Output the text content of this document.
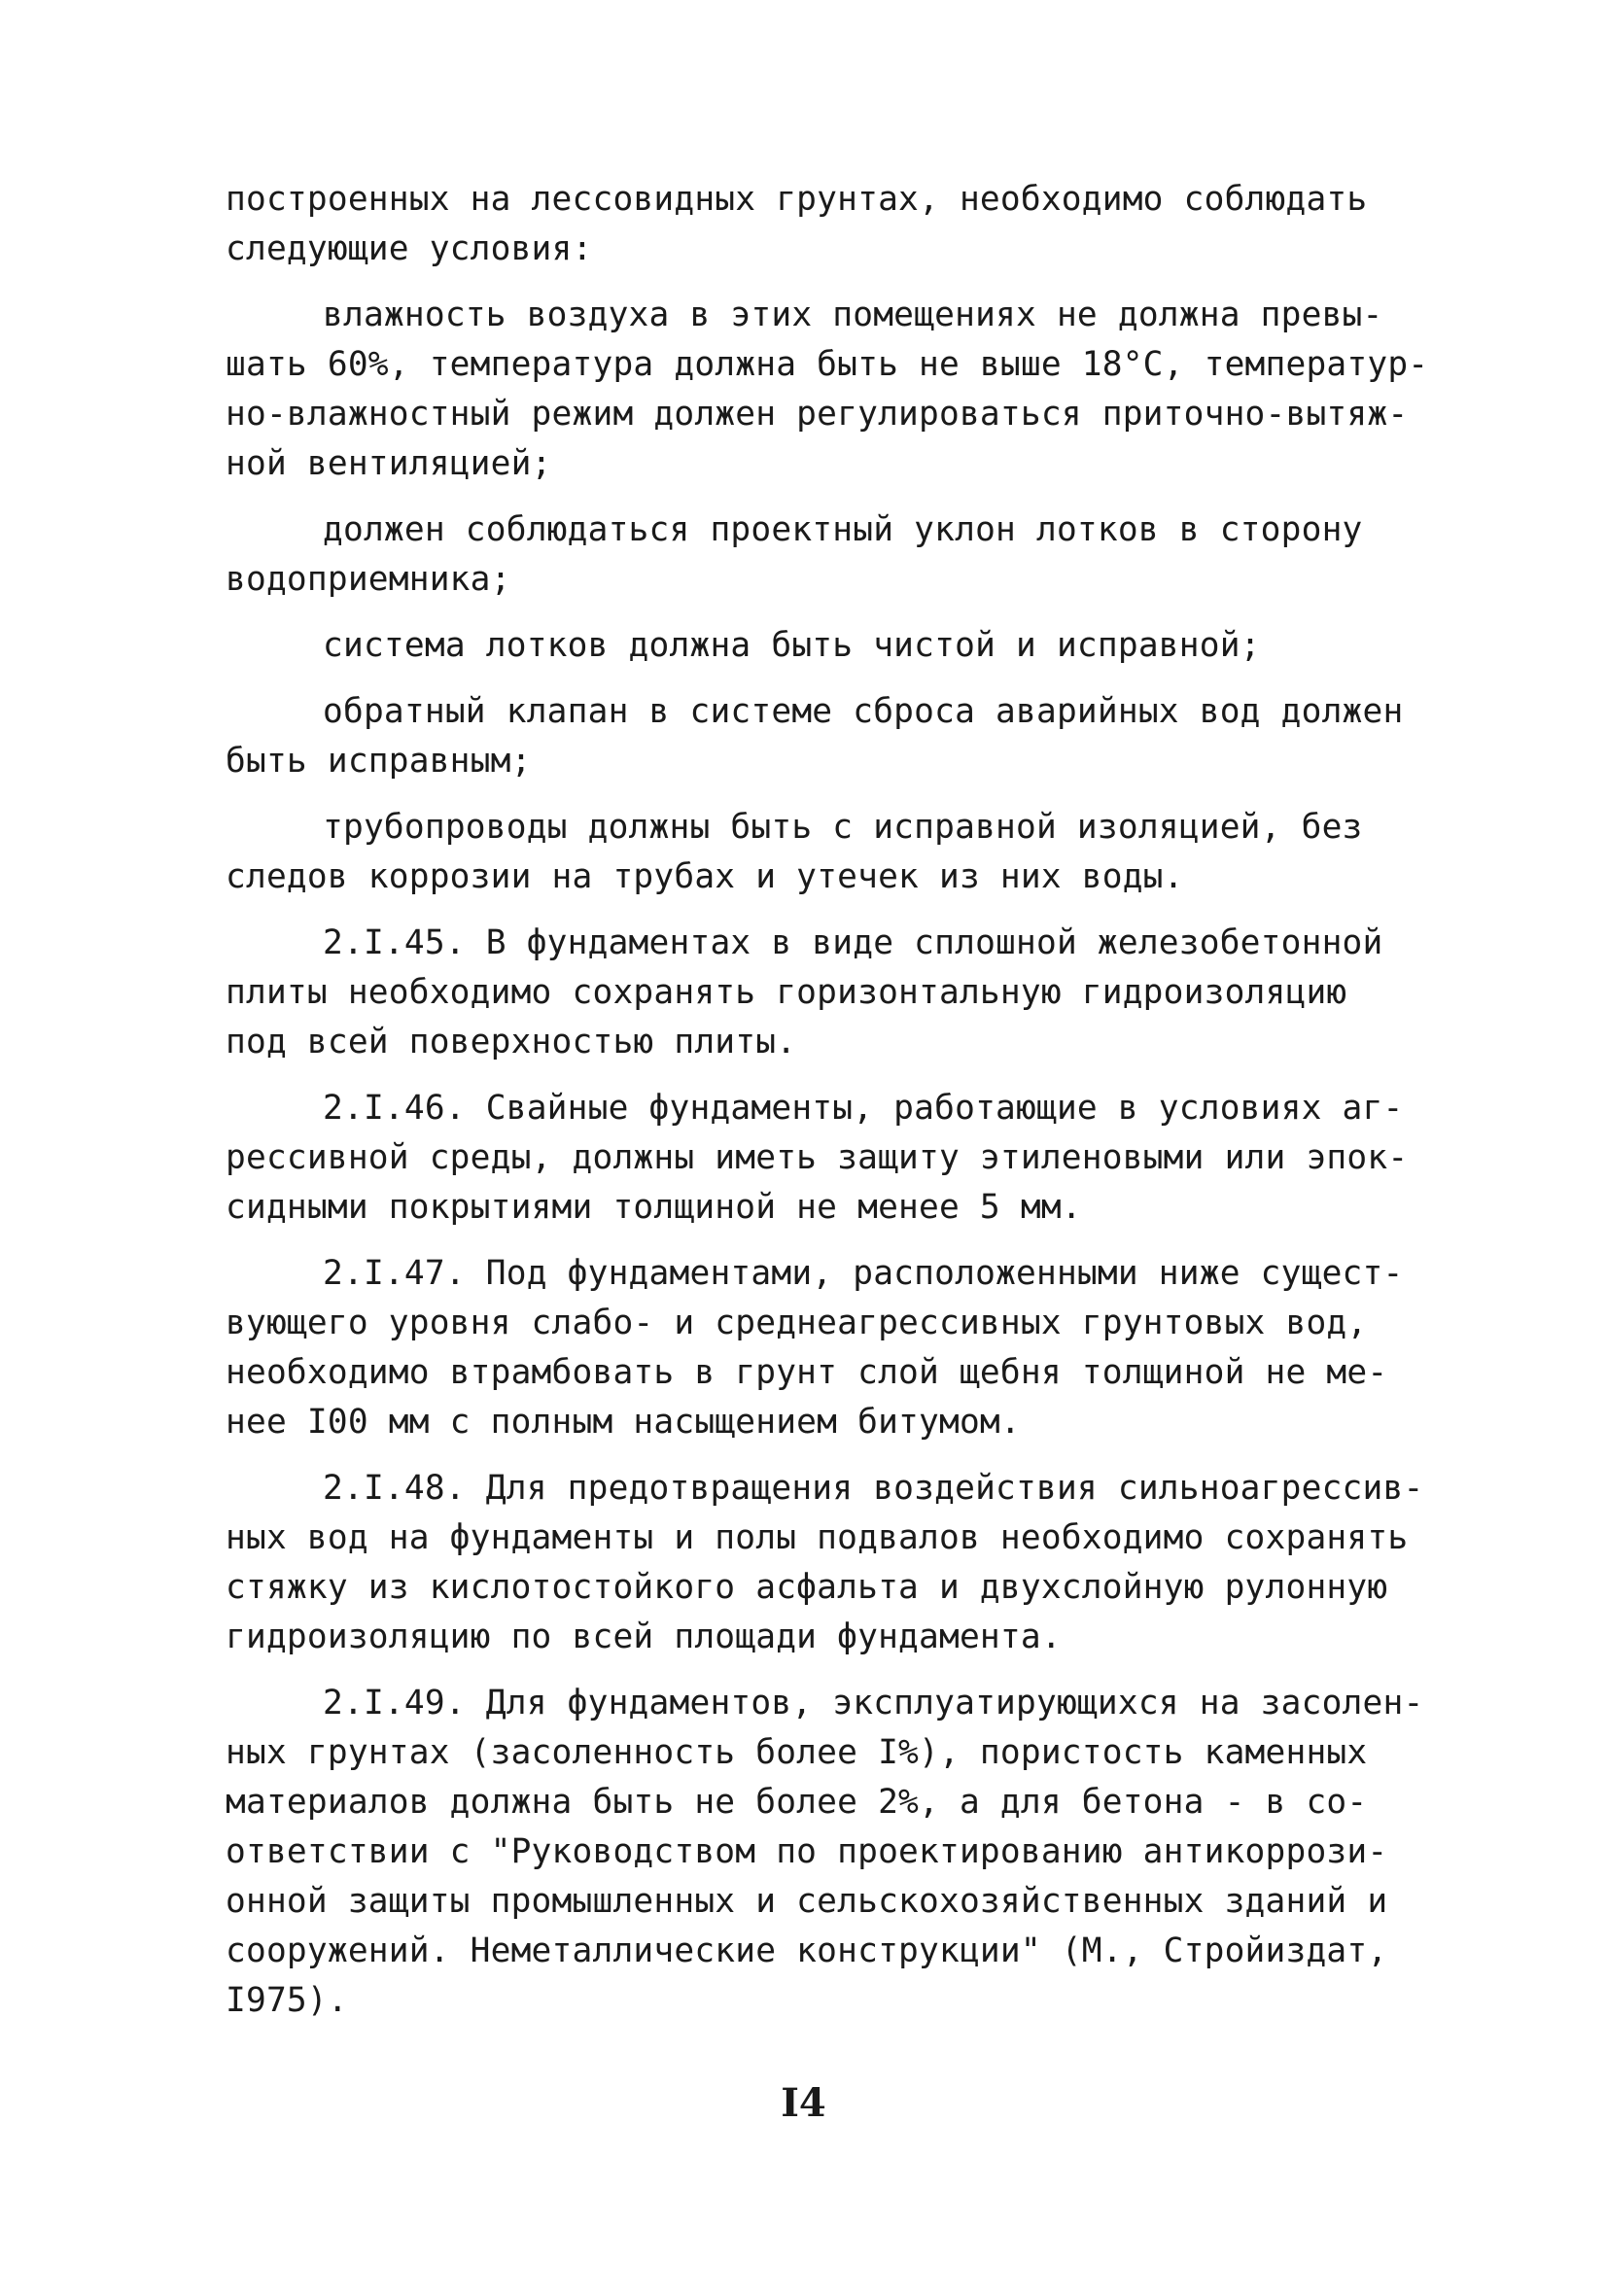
построенных на лессовидных грунтах, необходимо соблюдать
следующие условия:
влажность воздуха в этих помещениях не должна превы-
шать 60%, температура должна быть не выше 18°С, температур-
но-влажностный режим должен регулироваться приточно-вытяж-
ной вентиляцией;
должен соблюдаться проектный уклон лотков в сторону
водоприемника;
система лотков должна быть чистой и исправной;
обратный клапан в системе сброса аварийных вод должен
быть исправным;
трубопроводы должны быть с исправной изоляцией, без
следов коррозии на трубах и утечек из них воды.
2.I.45. В фундаментах в виде сплошной железобетонной
плиты необходимо сохранять горизонтальную гидроизоляцию
под всей поверхностью плиты.
2.I.46. Свайные фундаменты, работающие в условиях аг-
рессивной среды, должны иметь защиту этиленовыми или эпок-
сидными покрытиями толщиной не менее 5 мм.
2.I.47. Под фундаментами, расположенными ниже сущест-
вующего уровня слабо- и среднеагрессивных грунтовых вод,
необходимо втрамбовать в грунт слой щебня толщиной не ме-
нее I00 мм с полным насыщением битумом.
2.I.48. Для предотвращения воздействия сильноагрессив-
ных вод на фундаменты и полы подвалов необходимо сохранять
стяжку из кислотостойкого асфальта и двухслойную рулонную
гидроизоляцию по всей площади фундамента.
2.I.49. Для фундаментов, эксплуатирующихся на засолен-
ных грунтах (засоленность более I%), пористость каменных
материалов должна быть не более 2%, а для бетона - в со-
ответствии с "Руководством по проектированию антикоррози-
онной защиты промышленных и сельскохозяйственных зданий и
сооружений. Неметаллические конструкции" (М., Стройиздат,
I975).
I4
